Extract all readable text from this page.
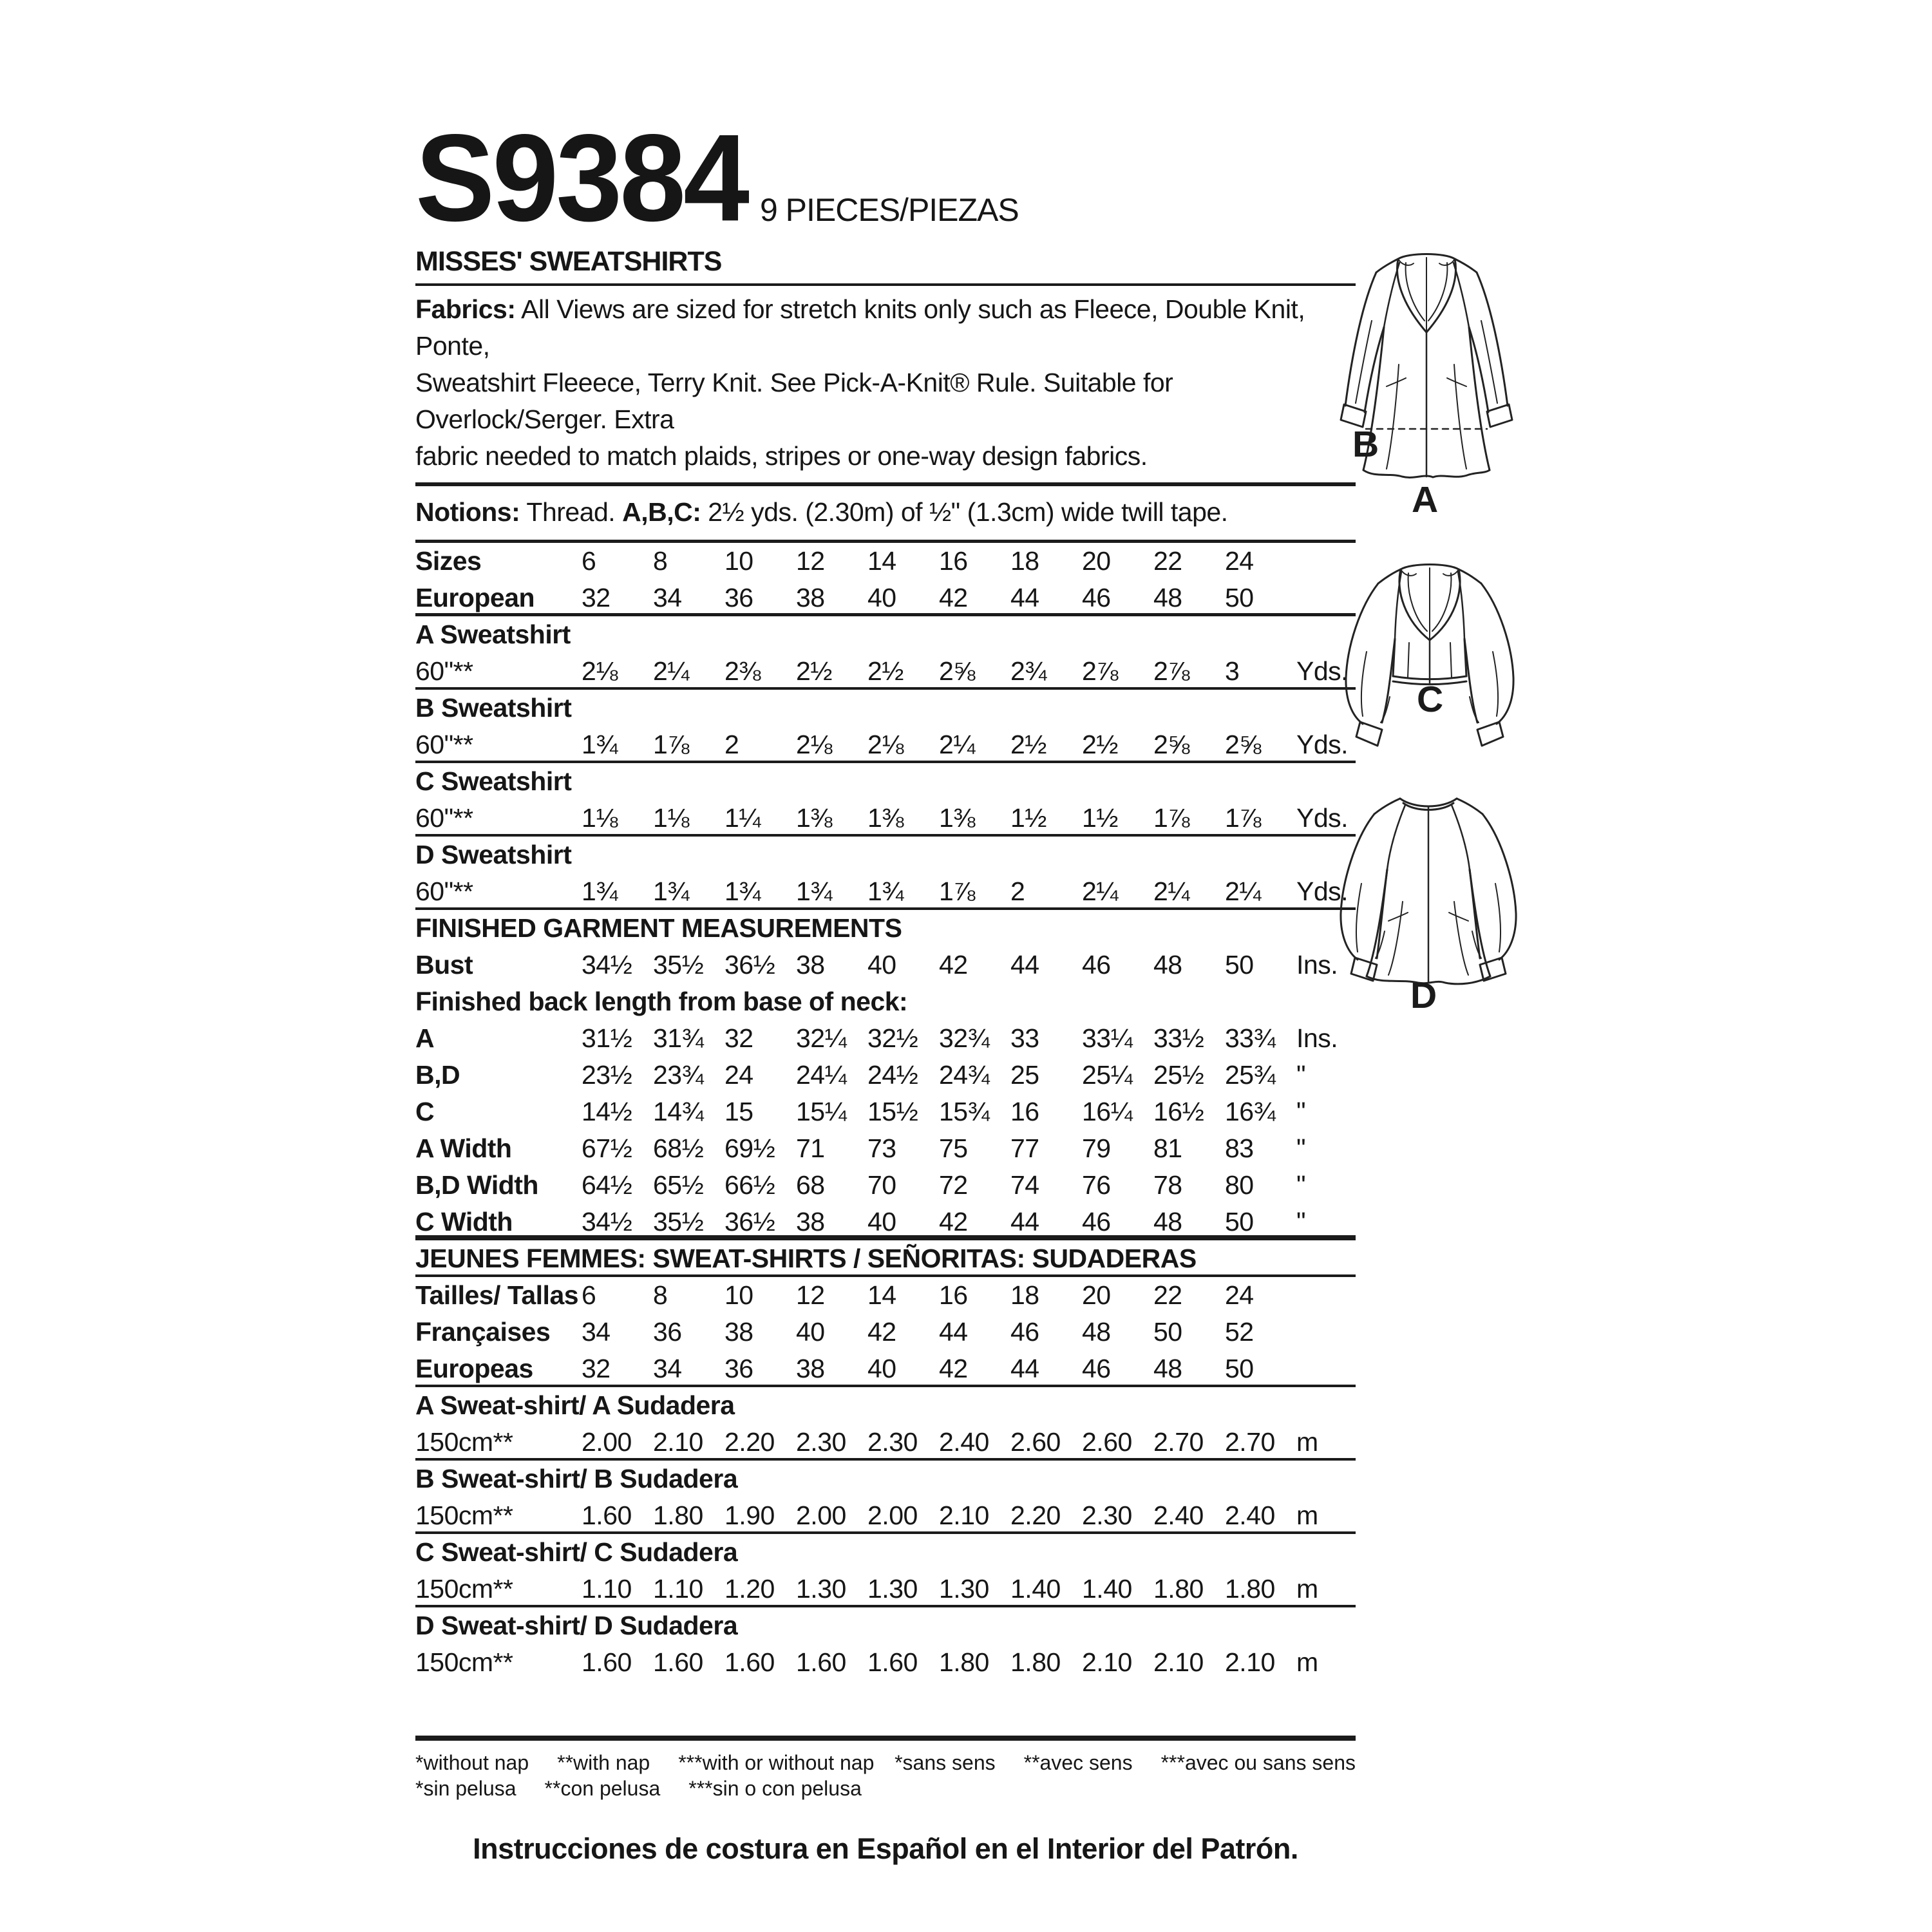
S9384 9 PIECES/PIEZAS
MISSES' SWEATSHIRTS
Fabrics: All Views are sized for stretch knits only such as Fleece, Double Knit, Ponte,
Sweatshirt Fleeece, Terry Knit. See Pick-A-Knit® Rule. Suitable for Overlock/Serger. Extra
fabric needed to match plaids, stripes or one-way design fabrics.
Notions: Thread. A,B,C: 2½ yds. (2.30m) of ½" (1.3cm) wide twill tape.
Sizes	6	8	10	12	14	16	18	20	22	24
European	32	34	36	38	40	42	44	46	48	50
A Sweatshirt
60"**	2⅛	2¼	2⅜	2½	2½	2⅝	2¾	2⅞	2⅞	3	Yds.
B Sweatshirt
60"**	1¾	1⅞	2	2⅛	2⅛	2¼	2½	2½	2⅝	2⅝	Yds.
C Sweatshirt
60"**	1⅛	1⅛	1¼	1⅜	1⅜	1⅜	1½	1½	1⅞	1⅞	Yds.
D Sweatshirt
60"**	1¾	1¾	1¾	1¾	1¾	1⅞	2	2¼	2¼	2¼	Yds.
FINISHED GARMENT MEASUREMENTS
Bust	34½ 35½ 36½ 38	40	42	44	46	48	50	Ins.
Finished back length from base of neck:
A	31½ 31¾ 32	32¼ 32½ 32¾ 33	33¼ 33½ 33¾ Ins.
B,D	23½ 23¾ 24	24¼ 24½ 24¾ 25	25¼ 25½ 25¾ "
C	14½ 14¾ 15	15¼ 15½ 15¾ 16	16¼ 16½ 16¾ "
A Width	67½ 68½ 69½ 71	73	75	77	79	81	83	"
B,D Width	64½ 65½ 66½ 68	70	72	74	76	78	80	"
C Width	34½ 35½ 36½ 38	40	42	44	46	48	50	"
JEUNES FEMMES: SWEAT-SHIRTS / SEÑORITAS: SUDADERAS
Tailles/ Tallas 6	8	10	12	14	16	18	20	22	24
Françaises	34	36	38	40	42	44	46	48	50	52
Europeas	32	34	36	38	40	42	44	46	48	50
A Sweat-shirt/ A Sudadera
150cm**	2.00 2.10 2.20 2.30 2.30 2.40 2.60 2.60 2.70 2.70 m
B Sweat-shirt/ B Sudadera
150cm**	1.60 1.80 1.90 2.00 2.00 2.10 2.20 2.30 2.40 2.40 m
C Sweat-shirt/ C Sudadera
150cm**	1.10 1.10 1.20 1.30 1.30 1.30 1.40 1.40 1.80 1.80 m
D Sweat-shirt/ D Sudadera
150cm**	1.60 1.60 1.60 1.60 1.60 1.80 1.80 2.10 2.10 2.10 m
*without nap **with nap ***with or without nap *sans sens **avec sens ***avec ou sans sens
*sin pelusa **con pelusa ***sin o con pelusa
Instrucciones de costura en Español en el Interior del Patrón.
B
A
C
D
